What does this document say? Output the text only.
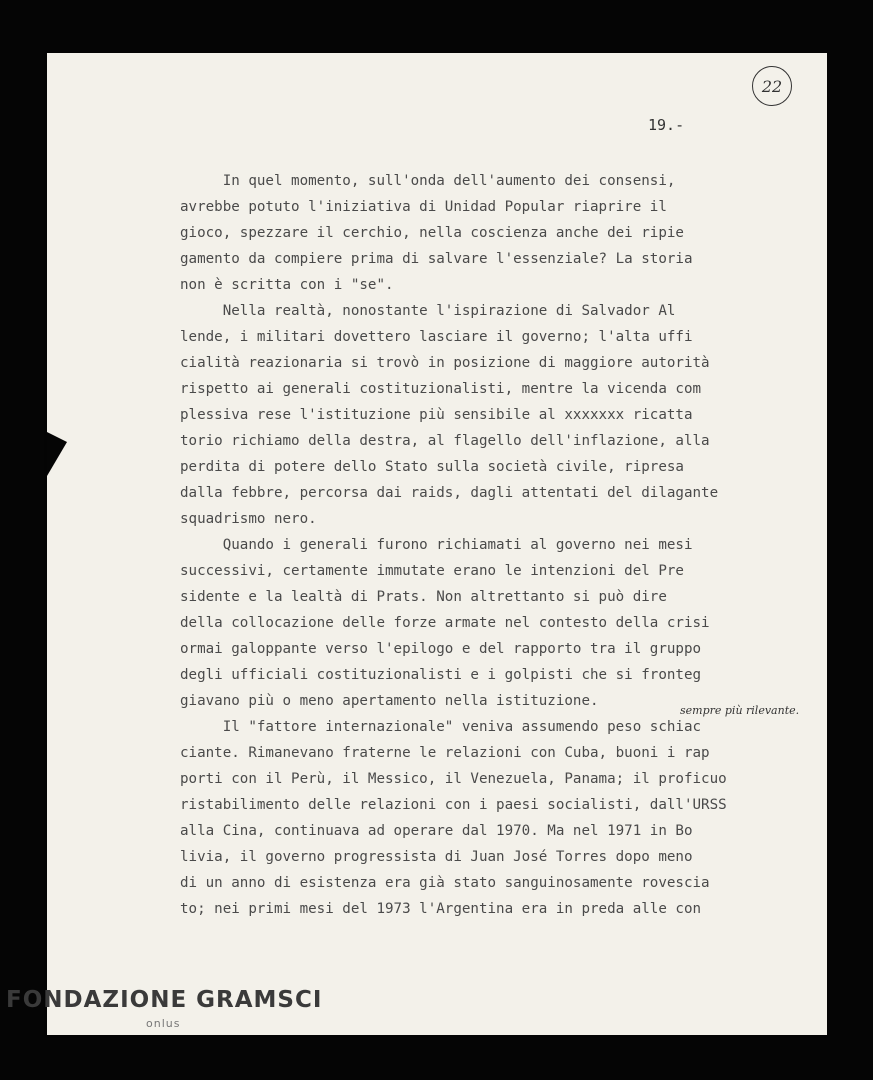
22
19.-
sempre più rilevante.
In quel momento, sull'onda dell'aumento dei consensi,
avrebbe potuto l'iniziativa di Unidad Popular riaprire il
gioco, spezzare il cerchio, nella coscienza anche dei ripie
gamento da compiere prima di salvare l'essenziale? La storia
non è scritta con i "se".
Nella realtà, nonostante l'ispirazione di Salvador Al
lende, i militari dovettero lasciare il governo; l'alta uffi
cialità reazionaria si trovò in posizione di maggiore autorità
rispetto ai generali costituzionalisti, mentre la vicenda com
plessiva rese l'istituzione più sensibile al xxxxxxx ricatta
torio richiamo della destra, al flagello dell'inflazione, alla
perdita di potere dello Stato sulla società civile, ripresa
dalla febbre, percorsa dai raids, dagli attentati del dilagante
squadrismo nero.
Quando i generali furono richiamati al governo nei mesi
successivi, certamente immutate erano le intenzioni del Pre
sidente e la lealtà di Prats. Non altrettanto si può dire
della collocazione delle forze armate nel contesto della crisi
ormai galoppante verso l'epilogo e del rapporto tra il gruppo
degli ufficiali costituzionalisti e i golpisti che si fronteg
giavano più o meno apertamento nella istituzione.
Il "fattore internazionale" veniva assumendo peso schiac
ciante. Rimanevano fraterne le relazioni con Cuba, buoni i rap
porti con il Perù, il Messico, il Venezuela, Panama; il proficuo
ristabilimento delle relazioni con i paesi socialisti, dall'URSS
alla Cina, continuava ad operare dal 1970. Ma nel 1971 in Bo
livia, il governo progressista di Juan José Torres dopo meno
di un anno di esistenza era già stato sanguinosamente rovescia
to; nei primi mesi del 1973 l'Argentina era in preda alle con
FONDAZIONE GRAMSCI
onlus
